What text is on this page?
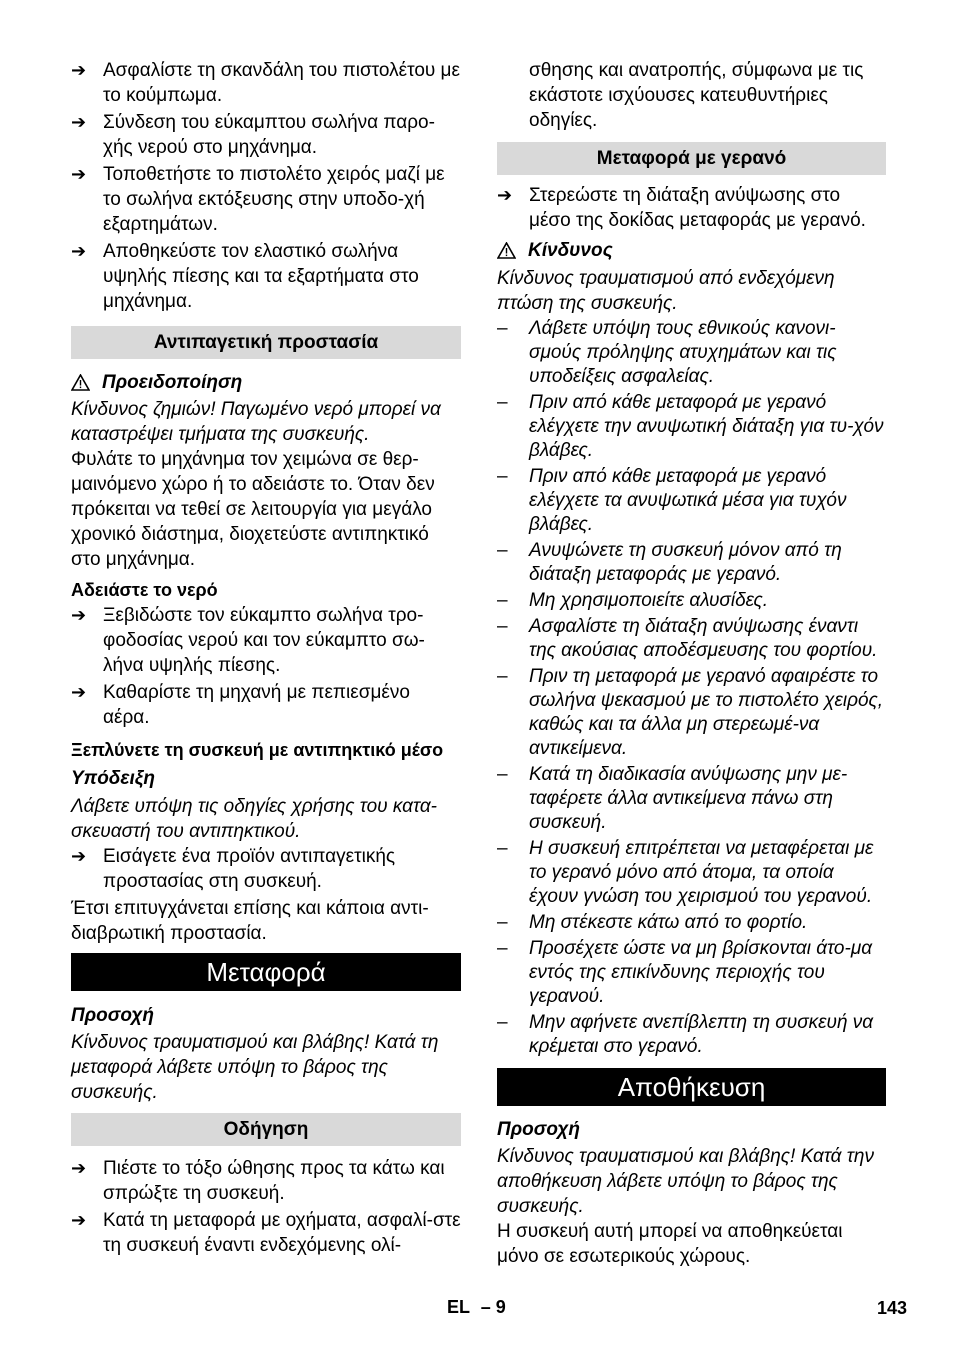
➔ Ασφαλίστε τη σκανδάλη του πιστολέτου με το κούμπωμα.
➔ Σύνδεση του εύκαμπτου σωλήνα παρο-χής νερού στο μηχάνημα.
➔ Τοποθετήστε το πιστολέτο χειρός μαζί με το σωλήνα εκτόξευσης στην υποδο-χή εξαρτημάτων.
➔ Αποθηκεύστε τον ελαστικό σωλήνα υψηλής πίεσης και τα εξαρτήματα στο μηχάνημα.
Αντιπαγετική προστασία
Προειδοποίηση

Κίνδυνος ζημιών! Παγωμένο νερό μπορεί να καταστρέψει τμήματα της συσκευής.

Φυλάτε το μηχάνημα τον χειμώνα σε θερ-μαινόμενο χώρο ή το αδειάστε το. Όταν δεν πρόκειται να τεθεί σε λειτουργία για μεγάλο χρονικό διάστημα, διοχετεύστε αντιπηκτικό στο μηχάνημα.

Αδειάστε το νερό

➔ Ξεβιδώστε τον εύκαμπτο σωλήνα τρο-φοδοσίας νερού και τον εύκαμπτο σω-λήνα υψηλής πίεσης.
➔ Καθαρίστε τη μηχανή με πεπιεσμένο αέρα.

Ξεπλύνετε τη συσκευή με αντιπηκτικό μέσο

Υπόδειξη

Λάβετε υπόψη τις οδηγίες χρήσης του κατα-σκευαστή του αντιπηκτικού.

➔ Εισάγετε ένα προϊόν αντιπαγετικής προστασίας στη συσκευή.

Έτσι επιτυγχάνεται επίσης και κάποια αντι-διαβρωτική προστασία.

Μεταφορά

Προσοχή

Κίνδυνος τραυματισμού και βλάβης! Κατά τη μεταφορά λάβετε υπόψη το βάρος της συσκευής.

Οδήγηση
➔ Πιέστε το τόξο ώθησης προς τα κάτω και σπρώξτε τη συσκευή.
➔ Κατά τη μεταφορά με οχήματα, ασφαλί-στε τη συσκευή έναντι ενδεχόμενης ολί-

σθησης και ανατροπής, σύμφωνα με τις εκάστοτε ισχύουσες κατευθυντήριες οδηγίες.

Μεταφορά με γερανό
➔ Στερεώστε τη διάταξη ανύψωσης στο μέσο της δοκίδας μεταφοράς με γερανό.
Κίνδυνος

Κίνδυνος τραυματισμού από ενδεχόμενη πτώση της συσκευής.

–	Λάβετε υπόψη τους εθνικούς κανονι-σμούς πρόληψης ατυχημάτων και τις υποδείξεις ασφαλείας.
–	Πριν από κάθε μεταφορά με γερανό ελέγχετε την ανυψωτική διάταξη για τυ-χόν βλάβες.
–	Πριν από κάθε μεταφορά με γερανό ελέγχετε τα ανυψωτικά μέσα για τυχόν βλάβες.
–	Ανυψώνετε τη συσκευή μόνον από τη διάταξη μεταφοράς με γερανό.
–	Μη χρησιμοποιείτε αλυσίδες.
–	Ασφαλίστε τη διάταξη ανύψωσης έναντι της ακούσιας αποδέσμευσης του φορτίου.
–	Πριν τη μεταφορά με γερανό αφαιρέστε το σωλήνα ψεκασμού με το πιστολέτο χειρός, καθώς και τα άλλα μη στερεωμέ-να αντικείμενα.
–	Κατά τη διαδικασία ανύψωσης μην με-ταφέρετε άλλα αντικείμενα πάνω στη συσκευή.
–	Η συσκευή επιτρέπεται να μεταφέρεται με το γερανό μόνο από άτομα, τα οποία έχουν γνώση του χειρισμού του γερανού.
–	Μη στέκεστε κάτω από το φορτίο.
–	Προσέχετε ώστε να μη βρίσκονται άτο-μα εντός της επικίνδυνης περιοχής του γερανού.
–	Μην αφήνετε ανεπίβλεπτη τη συσκευή να κρέμεται στο γερανό.
Αποθήκευση

Προσοχή

Κίνδυνος τραυματισμού και βλάβης! Κατά την αποθήκευση λάβετε υπόψη το βάρος της συσκευής.

Η συσκευή αυτή μπορεί να αποθηκεύεται μόνο σε εσωτερικούς χώρους.

EL – 9	143
